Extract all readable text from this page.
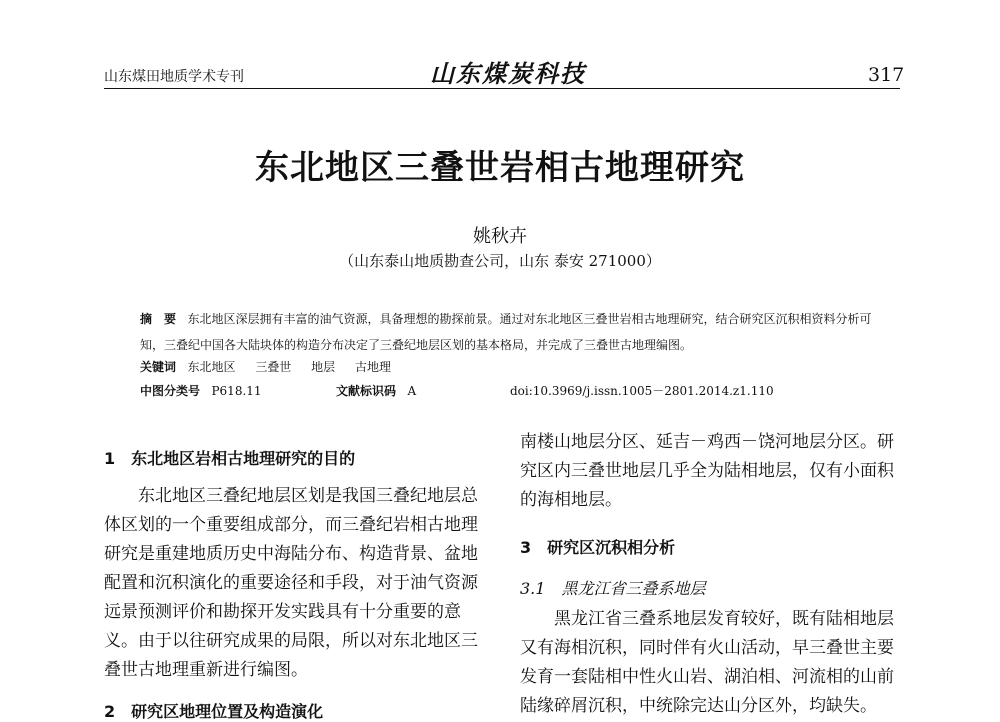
山东煤田地质学术专刊	山东煤炭科技	317
东北地区三叠世岩相古地理研究
姚秋卉
（山东泰山地质勘查公司，山东 泰安 271000）
摘　要 东北地区深层拥有丰富的油气资源，具备理想的勘探前景。通过对东北地区三叠世岩相古地理研究，结合研究区沉积相资料分析可知，三叠纪中国各大陆块体的构造分布决定了三叠纪地层区划的基本格局，并完成了三叠世古地理编图。
关键词 东北地区 三叠世 地层 古地理
中图分类号 P618.11	文献标识码 A	doi:10.3969/j.issn.1005－2801.2014.z1.110
1　东北地区岩相古地理研究的目的

东北地区三叠纪地层区划是我国三叠纪地层总体区划的一个重要组成部分，而三叠纪岩相古地理研究是重建地质历史中海陆分布、构造背景、盆地配置和沉积演化的重要途径和手段，对于油气资源远景预测评价和勘探开发实践具有十分重要的意义。由于以往研究成果的局限，所以对东北地区三叠世古地理重新进行编图。

2　研究区地理位置及构造演化

南楼山地层分区、延吉－鸡西－饶河地层分区。研究区内三叠世地层几乎全为陆相地层，仅有小面积的海相地层。

3　研究区沉积相分析
3.1　黑龙江省三叠系地层

黑龙江省三叠系地层发育较好，既有陆相地层又有海相沉积，同时伴有火山活动，早三叠世主要发育一套陆相中性火山岩、湖泊相、河流相的山前陆缘碎屑沉积，中统除完达山分区外，均缺失。
